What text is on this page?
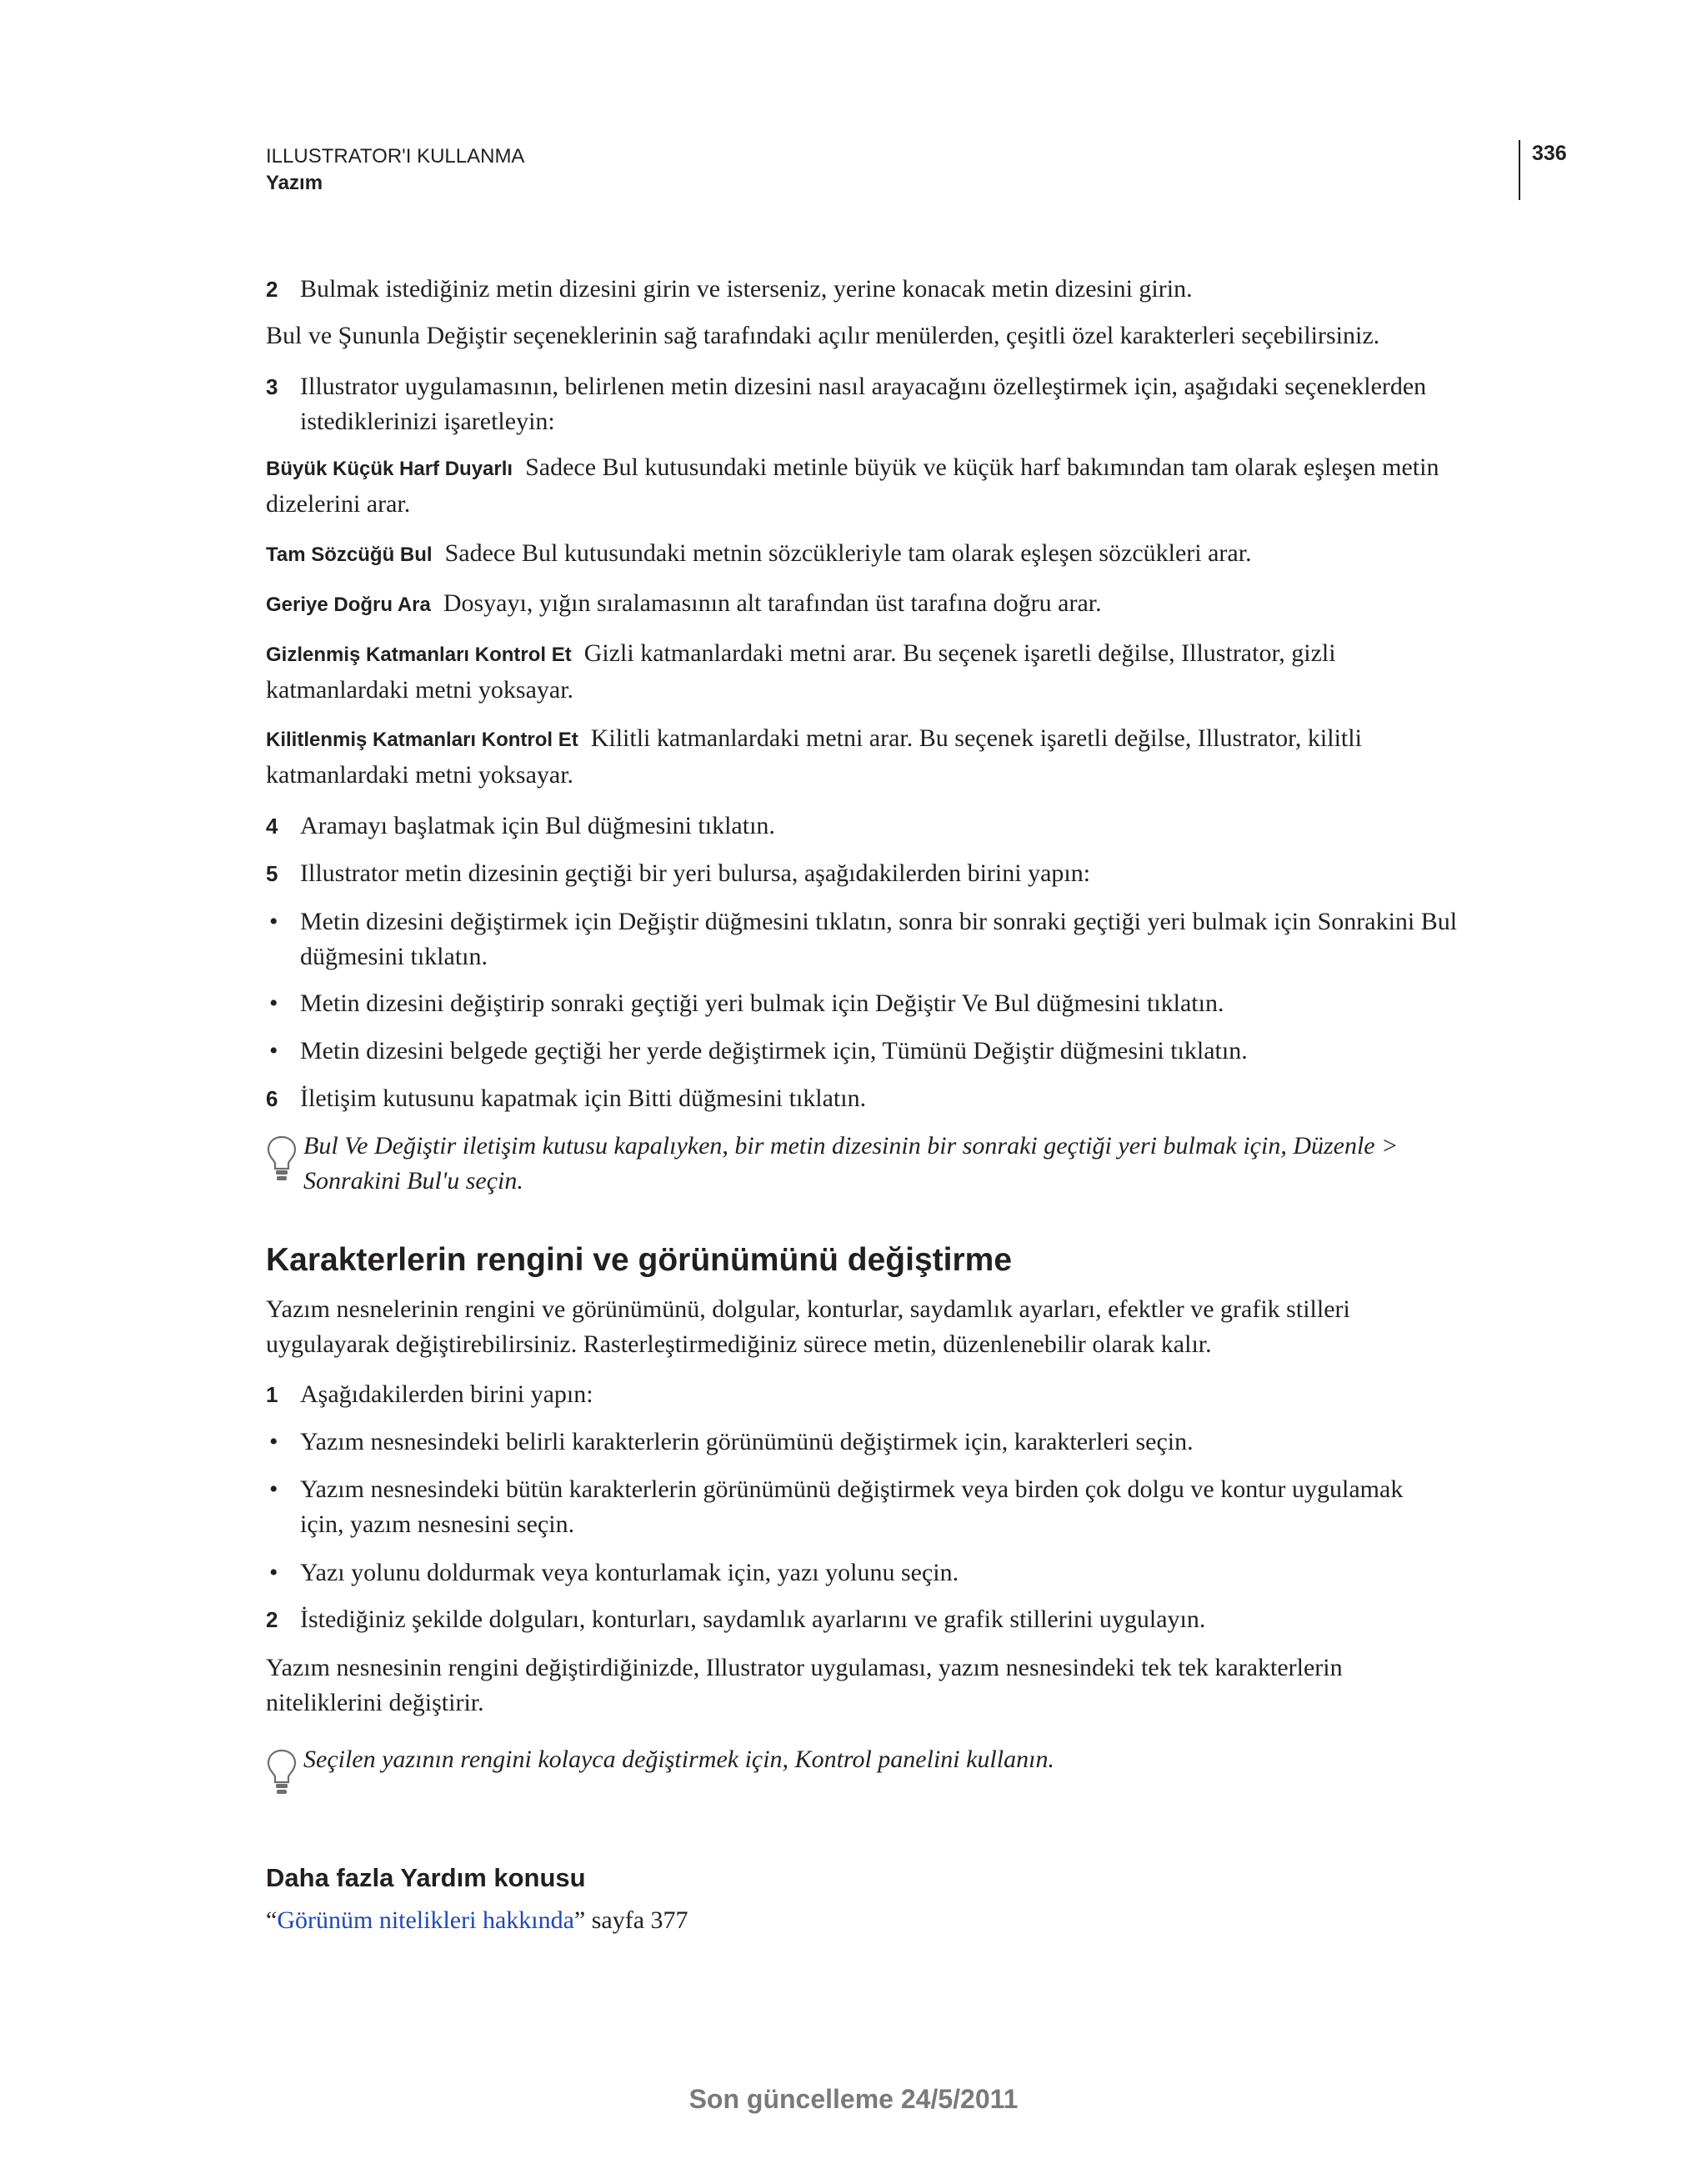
ILLUSTRATOR'I KULLANMA
Yazım
336
2 Bulmak istediğiniz metin dizesini girin ve isterseniz, yerine konacak metin dizesini girin.
Bul ve Şununla Değiştir seçeneklerinin sağ tarafındaki açılır menülerden, çeşitli özel karakterleri seçebilirsiniz.
3 Illustrator uygulamasının, belirlenen metin dizesini nasıl arayacağını özelleştirmek için, aşağıdaki seçeneklerden
istediklerinizi işaretleyin:
Büyük Küçük Harf Duyarlı Sadece Bul kutusundaki metinle büyük ve küçük harf bakımından tam olarak eşleşen metin
dizelerini arar.
Tam Sözcüğü Bul Sadece Bul kutusundaki metnin sözcükleriyle tam olarak eşleşen sözcükleri arar.
Geriye Doğru Ara Dosyayı, yığın sıralamasının alt tarafından üst tarafına doğru arar.
Gizlenmiş Katmanları Kontrol Et Gizli katmanlardaki metni arar. Bu seçenek işaretli değilse, Illustrator, gizli
katmanlardaki metni yoksayar.
Kilitlenmiş Katmanları Kontrol Et Kilitli katmanlardaki metni arar. Bu seçenek işaretli değilse, Illustrator, kilitli
katmanlardaki metni yoksayar.
4 Aramayı başlatmak için Bul düğmesini tıklatın.
5 Illustrator metin dizesinin geçtiği bir yeri bulursa, aşağıdakilerden birini yapın:
• Metin dizesini değiştirmek için Değiştir düğmesini tıklatın, sonra bir sonraki geçtiği yeri bulmak için Sonrakini Bul
düğmesini tıklatın.
• Metin dizesini değiştirip sonraki geçtiği yeri bulmak için Değiştir Ve Bul düğmesini tıklatın.
• Metin dizesini belgede geçtiği her yerde değiştirmek için, Tümünü Değiştir düğmesini tıklatın.
6 İletişim kutusunu kapatmak için Bitti düğmesini tıklatın.
Bul Ve Değiştir iletişim kutusu kapalıyken, bir metin dizesinin bir sonraki geçtiği yeri bulmak için, Düzenle >
Sonrakini Bul'u seçin.
Karakterlerin rengini ve görünümünü değiştirme
Yazım nesnelerinin rengini ve görünümünü, dolgular, konturlar, saydamlık ayarları, efektler ve grafik stilleri
uygulayarak değiştirebilirsiniz. Rasterleştirmediğiniz sürece metin, düzenlenebilir olarak kalır.
1 Aşağıdakilerden birini yapın:
• Yazım nesnesindeki belirli karakterlerin görünümünü değiştirmek için, karakterleri seçin.
• Yazım nesnesindeki bütün karakterlerin görünümünü değiştirmek veya birden çok dolgu ve kontur uygulamak
için, yazım nesnesini seçin.
• Yazı yolunu doldurmak veya konturlamak için, yazı yolunu seçin.
2 İstediğiniz şekilde dolguları, konturları, saydamlık ayarlarını ve grafik stillerini uygulayın.
Yazım nesnesinin rengini değiştirdiğinizde, Illustrator uygulaması, yazım nesnesindeki tek tek karakterlerin
niteliklerini değiştirir.
Seçilen yazının rengini kolayca değiştirmek için, Kontrol panelini kullanın.
Daha fazla Yardım konusu
“Görünüm nitelikleri hakkında” sayfa 377
Son güncelleme 24/5/2011
